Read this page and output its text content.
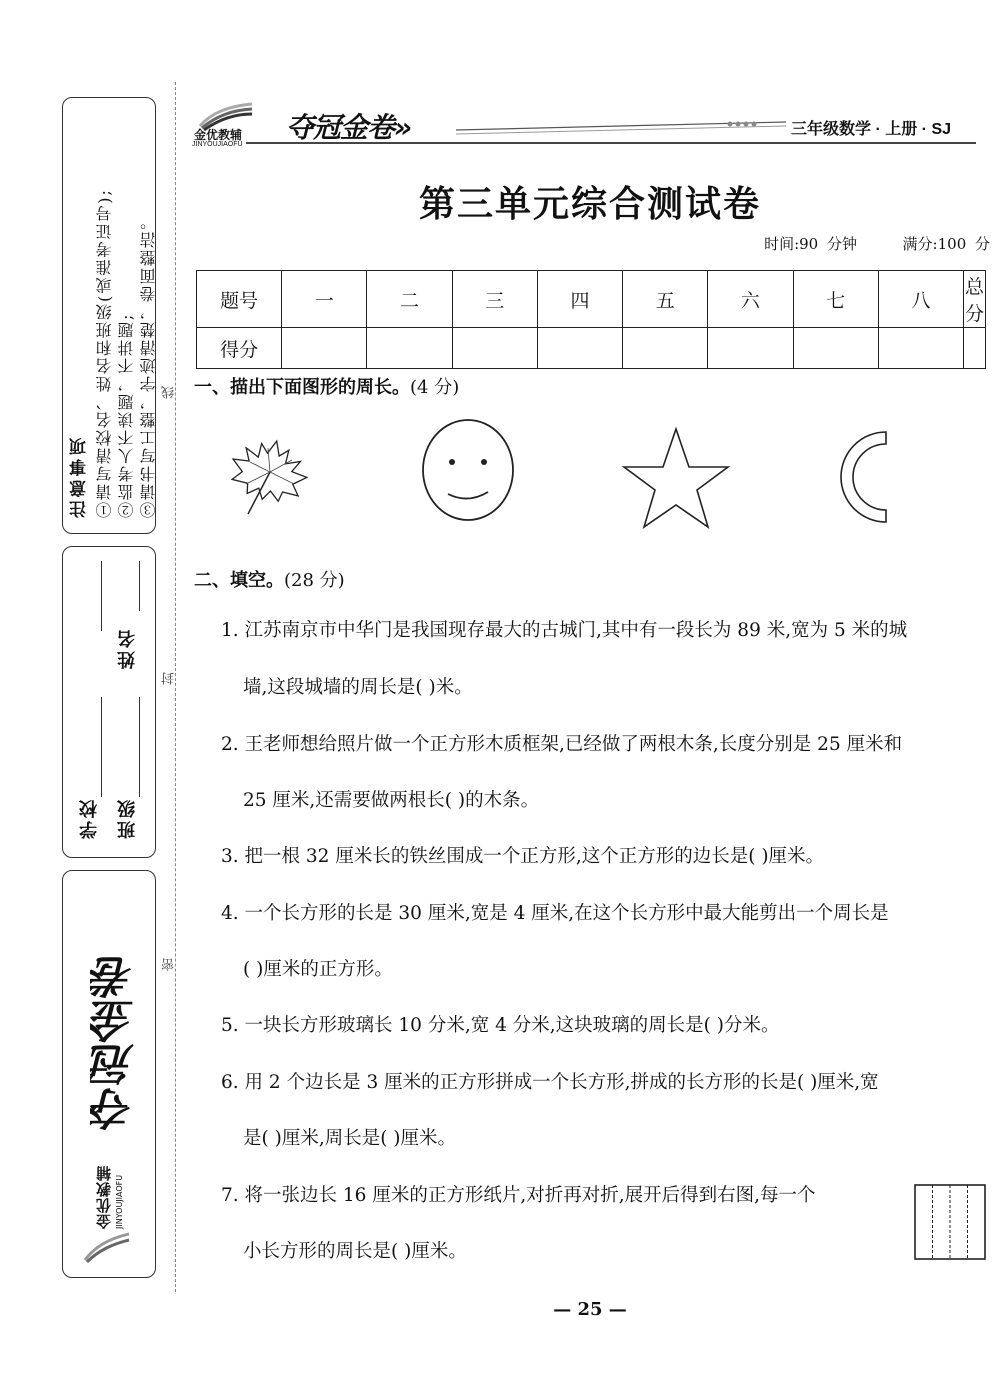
注意事项 ①请写清校名、姓名和班级(或准考证号); ②监考人不读题，不讲题; ③请书写工整，字迹清楚，卷面整洁。
学校
姓名
班级
夺冠金卷
金优教辅 JINYOUJIAOFU
线
封
密
金优教辅
JINYOUJIAOFU
夺冠金卷»	三年级数学 · 上册 · SJ
第三单元综合测试卷
时间:90 分钟	满分:100 分
题号	一	二	三	四	五	六	七	八	总分
得分									
一、描出下面图形的周长。(4 分)
二、填空。(28 分)
1. 江苏南京市中华门是我国现存最大的古城门,其中有一段长为 89 米,宽为 5 米的城
墙,这段城墙的周长是( )米。
2. 王老师想给照片做一个正方形木质框架,已经做了两根木条,长度分别是 25 厘米和
25 厘米,还需要做两根长( )的木条。
3. 把一根 32 厘米长的铁丝围成一个正方形,这个正方形的边长是( )厘米。
4. 一个长方形的长是 30 厘米,宽是 4 厘米,在这个长方形中最大能剪出一个周长是
( )厘米的正方形。
5. 一块长方形玻璃长 10 分米,宽 4 分米,这块玻璃的周长是( )分米。
6. 用 2 个边长是 3 厘米的正方形拼成一个长方形,拼成的长方形的长是( )厘米,宽
是( )厘米,周长是( )厘米。
7. 将一张边长 16 厘米的正方形纸片,对折再对折,展开后得到右图,每一个
小长方形的周长是( )厘米。
— 25 —
